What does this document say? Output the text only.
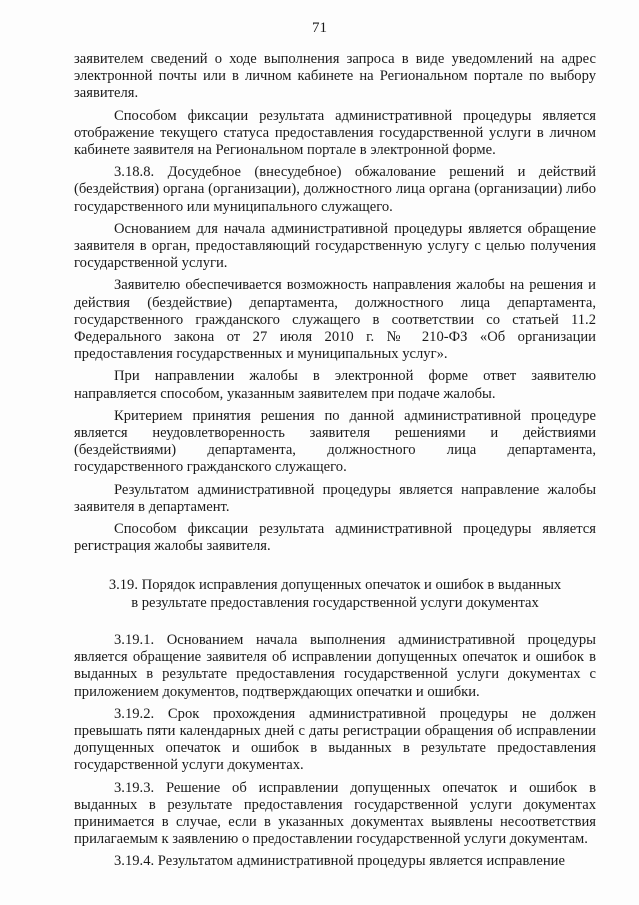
71

заявителем сведений о ходе выполнения запроса в виде уведомлений на адрес электронной почты или в личном кабинете на Региональном портале по выбору заявителя.

Способом фиксации результата административной процедуры является отображение текущего статуса предоставления государственной услуги в личном кабинете заявителя на Региональном портале в электронной форме.

3.18.8. Досудебное (внесудебное) обжалование решений и действий (бездействия) органа (организации), должностного лица органа (организации) либо государственного или муниципального служащего.

Основанием для начала административной процедуры является обращение заявителя в орган, предоставляющий государственную услугу с целью получения государственной услуги.

Заявителю обеспечивается возможность направления жалобы на решения и действия (бездействие) департамента, должностного лица департамента, государственного гражданского служащего в соответствии со статьей 11.2 Федерального закона от 27 июля 2010 г. № 210-ФЗ «Об организации предоставления государственных и муниципальных услуг».

При направлении жалобы в электронной форме ответ заявителю направляется способом, указанным заявителем при подаче жалобы.

Критерием принятия решения по данной административной процедуре является неудовлетворенность заявителя решениями и действиями (бездействиями) департамента, должностного лица департамента, государственного гражданского служащего.

Результатом административной процедуры является направление жалобы заявителя в департамент.

Способом фиксации результата административной процедуры является регистрация жалобы заявителя.

3.19. Порядок исправления допущенных опечаток и ошибок в выданных
в результате предоставления государственной услуги документах

3.19.1. Основанием начала выполнения административной процедуры является обращение заявителя об исправлении допущенных опечаток и ошибок в выданных в результате предоставления государственной услуги документах с приложением документов, подтверждающих опечатки и ошибки.

3.19.2. Срок прохождения административной процедуры не должен превышать пяти календарных дней с даты регистрации обращения об исправлении допущенных опечаток и ошибок в выданных в результате предоставления государственной услуги документах.

3.19.3. Решение об исправлении допущенных опечаток и ошибок в выданных в результате предоставления государственной услуги документах принимается в случае, если в указанных документах выявлены несоответствия прилагаемым к заявлению о предоставлении государственной услуги документам.

3.19.4. Результатом административной процедуры является исправление
